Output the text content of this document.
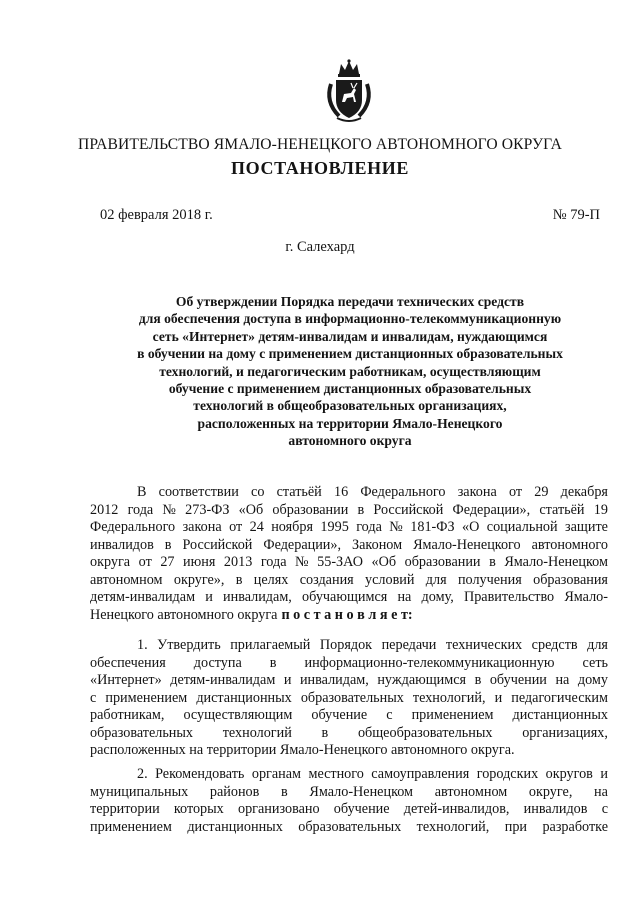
ПРАВИТЕЛЬСТВО ЯМАЛО-НЕНЕЦКОГО АВТОНОМНОГО ОКРУГА
ПОСТАНОВЛЕНИЕ
02 февраля 2018 г.	№ 79-П
г. Салехард
Об утверждении Порядка передачи технических средств
для обеспечения доступа в информационно-телекоммуникационную
сеть «Интернет» детям-инвалидам и инвалидам, нуждающимся
в обучении на дому с применением дистанционных образовательных
технологий, и педагогическим работникам, осуществляющим
обучение с применением дистанционных образовательных
технологий в общеобразовательных организациях,
расположенных на территории Ямало-Ненецкого
автономного округа
В соответствии со статьёй 16 Федерального закона от 29 декабря
2012 года № 273-ФЗ «Об образовании в Российской Федерации», статьёй 19
Федерального закона от 24 ноября 1995 года № 181-ФЗ «О социальной защите
инвалидов в Российской Федерации», Законом Ямало-Ненецкого автономного
округа от 27 июня 2013 года № 55-ЗАО «Об образовании в Ямало-Ненецком
автономном округе», в целях создания условий для получения образования
детям-инвалидам и инвалидам, обучающимся на дому, Правительство Ямало-
Ненецкого автономного округа п о с т а н о в л я е т:
1. Утвердить прилагаемый Порядок передачи технических средств для
обеспечения доступа в информационно-телекоммуникационную сеть
«Интернет» детям-инвалидам и инвалидам, нуждающимся в обучении на дому
с применением дистанционных образовательных технологий, и педагогическим
работникам, осуществляющим обучение с применением дистанционных
образовательных технологий в общеобразовательных организациях,
расположенных на территории Ямало-Ненецкого автономного округа.
2. Рекомендовать органам местного самоуправления городских округов и
муниципальных районов в Ямало-Ненецком автономном округе, на
территории которых организовано обучение детей-инвалидов, инвалидов с
применением дистанционных образовательных технологий, при разработке
